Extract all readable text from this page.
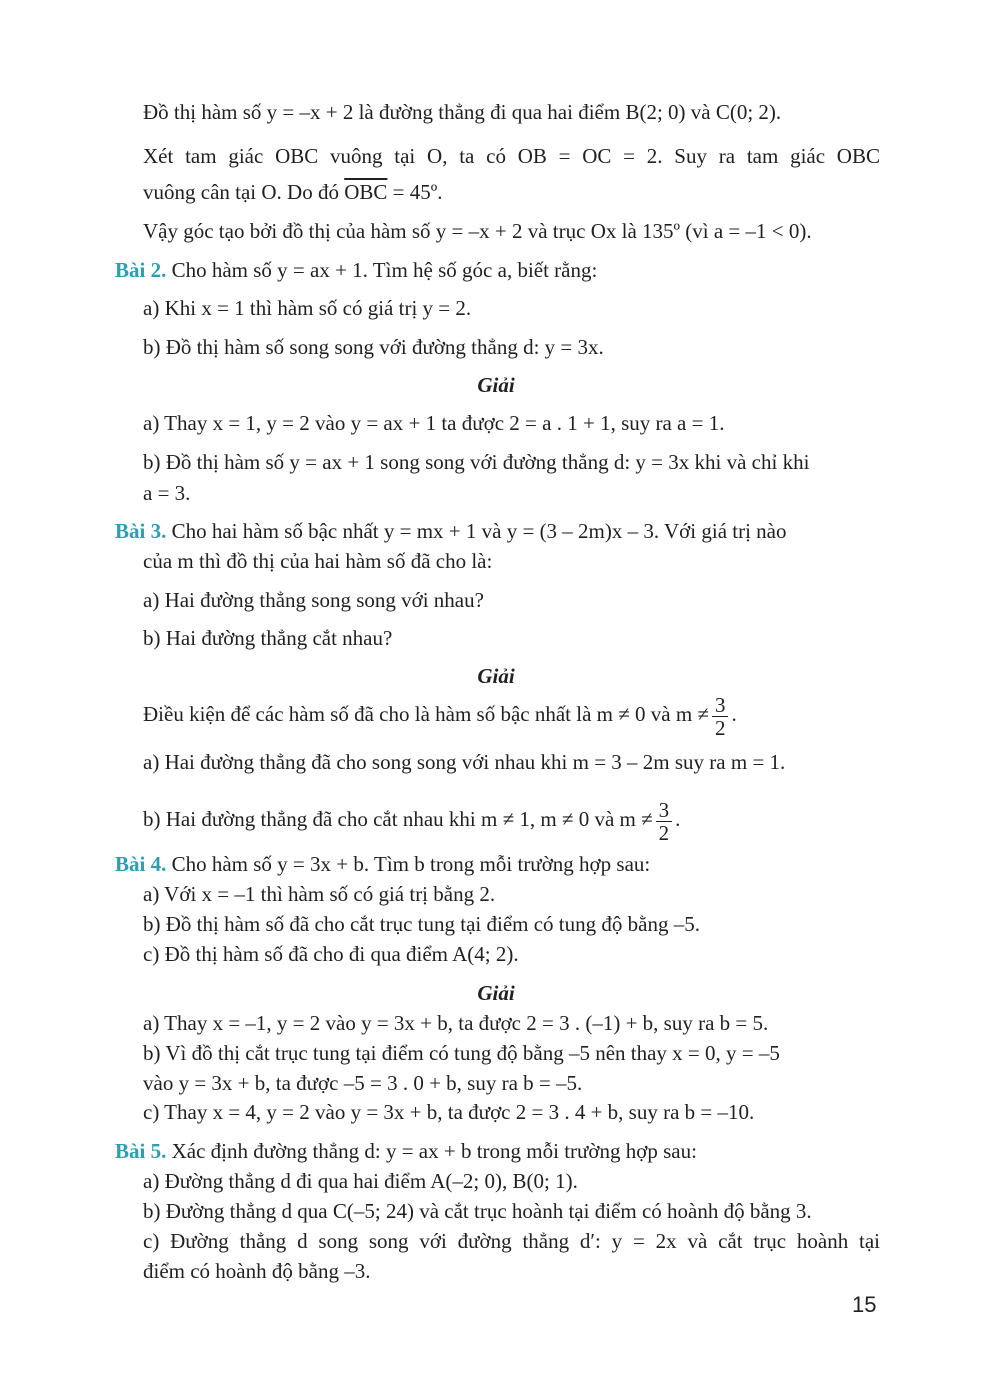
Đồ thị hàm số y = –x + 2 là đường thẳng đi qua hai điểm B(2; 0) và C(0; 2).
Xét tam giác OBC vuông tại O, ta có OB = OC = 2. Suy ra tam giác OBC
vuông cân tại O. Do đó $\overline{OBC}$ = 45º.
Vậy góc tạo bởi đồ thị của hàm số y = –x + 2 và trục Ox là 135º (vì a = –1 < 0).
Bài 2. Cho hàm số y = ax + 1. Tìm hệ số góc a, biết rằng:
a) Khi x = 1 thì hàm số có giá trị y = 2.
b) Đồ thị hàm số song song với đường thẳng d: y = 3x.
Giải
a) Thay x = 1, y = 2 vào y = ax + 1 ta được 2 = a . 1 + 1, suy ra a = 1.
b) Đồ thị hàm số y = ax + 1 song song với đường thẳng d: y = 3x khi và chỉ khi
a = 3.
Bài 3. Cho hai hàm số bậc nhất y = mx + 1 và y = (3 – 2m)x – 3. Với giá trị nào
của m thì đồ thị của hai hàm số đã cho là:
a) Hai đường thẳng song song với nhau?
b) Hai đường thẳng cắt nhau?
Giải
Điều kiện để các hàm số đã cho là hàm số bậc nhất là m ≠ 0 và $m \ne \frac{3}{2}$ .
a) Hai đường thẳng đã cho song song với nhau khi m = 3 – 2m suy ra m = 1.
b) Hai đường thẳng đã cho cắt nhau khi m ≠ 1, m ≠ 0 và $m \ne \frac{3}{2}$ .
Bài 4. Cho hàm số y = 3x + b. Tìm b trong mỗi trường hợp sau:
a) Với x = –1 thì hàm số có giá trị bằng 2.
b) Đồ thị hàm số đã cho cắt trục tung tại điểm có tung độ bằng –5.
c) Đồ thị hàm số đã cho đi qua điểm A(4; 2).
Giải
a) Thay x = –1, y = 2 vào y = 3x + b, ta được 2 = 3 . (–1) + b, suy ra b = 5.
b) Vì đồ thị cắt trục tung tại điểm có tung độ bằng –5 nên thay x = 0, y = –5
vào y = 3x + b, ta được –5 = 3 . 0 + b, suy ra b = –5.
c) Thay x = 4, y = 2 vào y = 3x + b, ta được 2 = 3 . 4 + b, suy ra b = –10.
Bài 5. Xác định đường thẳng d: y = ax + b trong mỗi trường hợp sau:
a) Đường thẳng d đi qua hai điểm A(–2; 0), B(0; 1).
b) Đường thẳng d qua C(–5; 24) và cắt trục hoành tại điểm có hoành độ bằng 3.
c) Đường thẳng d song song với đường thẳng d′: y = 2x và cắt trục hoành tại
điểm có hoành độ bằng –3.
15
